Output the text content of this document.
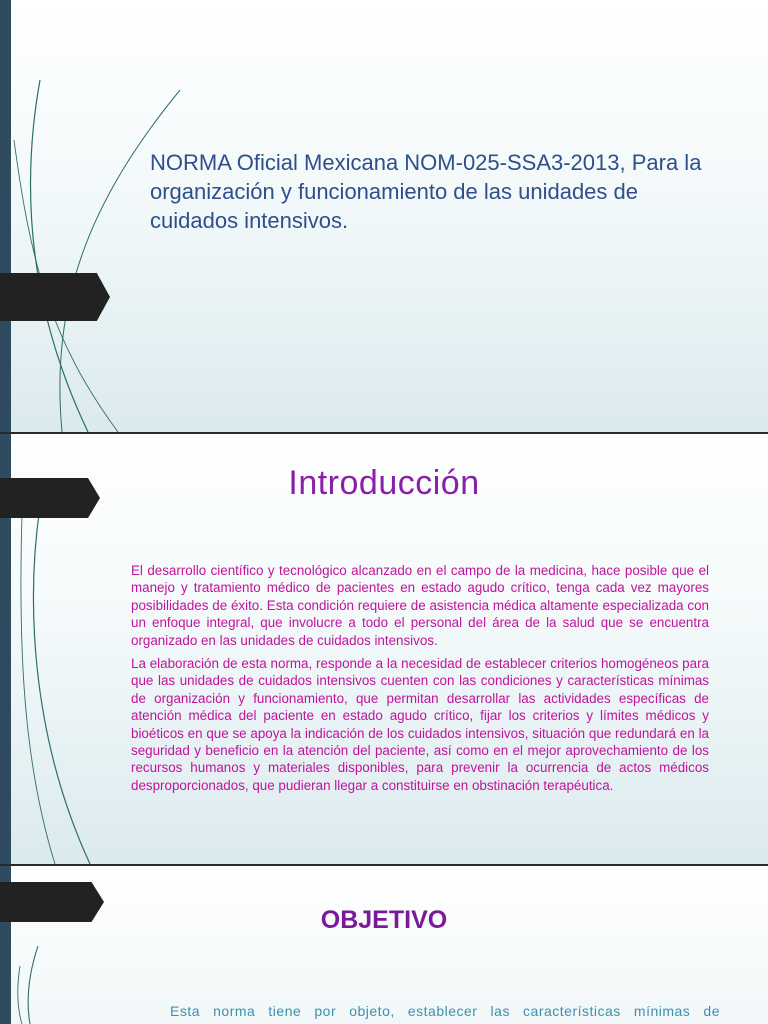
NORMA Oficial Mexicana NOM-025-SSA3-2013, Para la organización y funcionamiento de las unidades de cuidados intensivos.
Introducción

El desarrollo científico y tecnológico alcanzado en el campo de la medicina, hace posible que el manejo y tratamiento médico de pacientes en estado agudo crítico, tenga cada vez mayores posibilidades de éxito. Esta condición requiere de asistencia médica altamente especializada con un enfoque integral, que involucre a todo el personal del área de la salud que se encuentra organizado en las unidades de cuidados intensivos.

La elaboración de esta norma, responde a la necesidad de establecer criterios homogéneos para que las unidades de cuidados intensivos cuenten con las condiciones y características mínimas de organización y funcionamiento, que permitan desarrollar las actividades específicas de atención médica del paciente en estado agudo crítico, fijar los criterios y límites médicos y bioéticos en que se apoya la indicación de los cuidados intensivos, situación que redundará en la seguridad y beneficio en la atención del paciente, así como en el mejor aprovechamiento de los recursos humanos y materiales disponibles, para prevenir la ocurrencia de actos médicos desproporcionados, que pudieran llegar a constituirse en obstinación terapéutica.

OBJETIVO

Esta norma tiene por objeto, establecer las características mínimas de
